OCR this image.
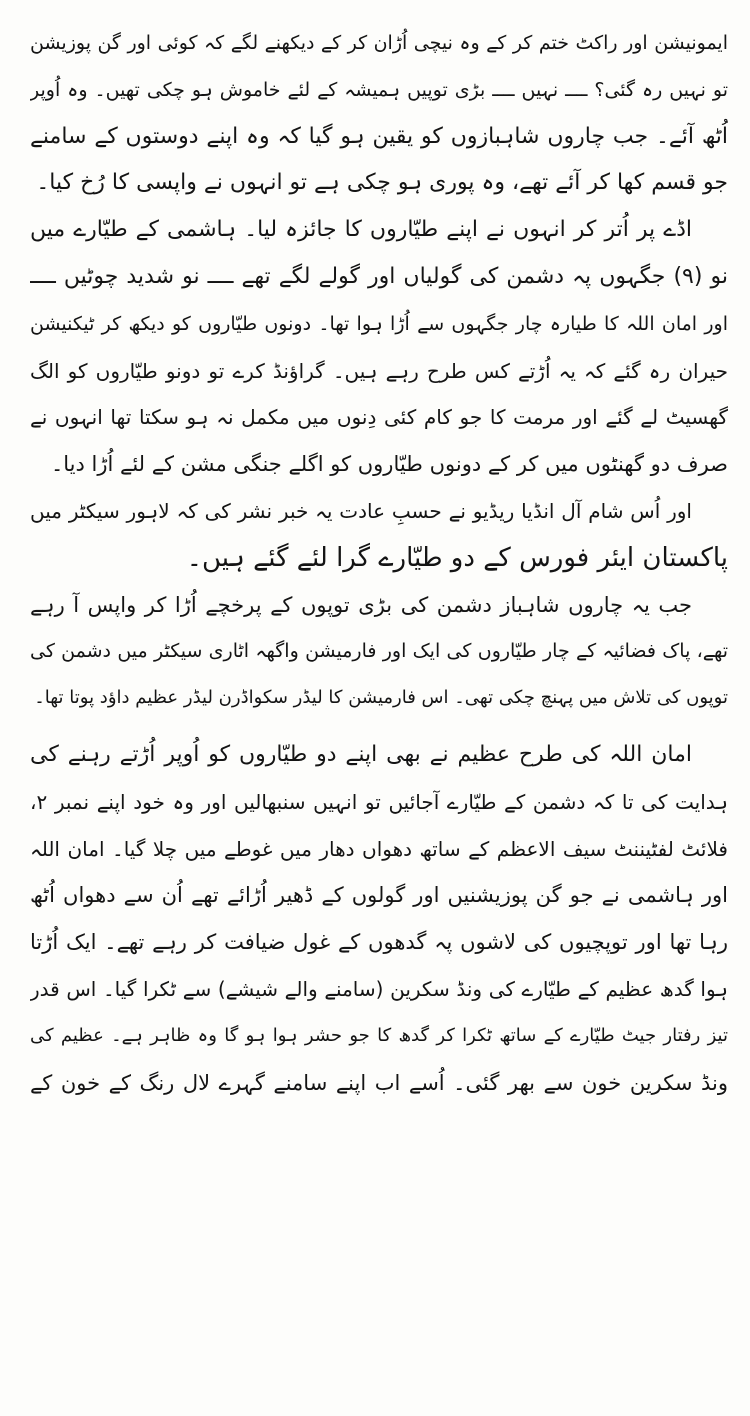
ایمونیشن اور راکٹ ختم کر کے وہ نیچی اُڑان کر کے دیکھنے لگے کہ کوئی اور گن پوزیشن
تو نہیں رہ گئی؟ ــــ نہیں ــــ بڑی توپیں ہمیشہ کے لئے خاموش ہو چکی تھیں۔ وہ اُوپر
اُٹھ آئے۔ جب چاروں شاہبازوں کو یقین ہو گیا کہ وہ اپنے دوستوں کے سامنے
جو قسم کھا کر آئے تھے، وہ پوری ہو چکی ہے تو انہوں نے واپسی کا رُخ کیا۔
اڈے پر اُتر کر انہوں نے اپنے طیّاروں کا جائزہ لیا۔ ہاشمی کے طیّارے میں
نو (۹) جگہوں پہ دشمن کی گولیاں اور گولے لگے تھے ــــ نو شدید چوٹیں ــــ
اور امان اللہ کا طیارہ چار جگہوں سے اُڑا ہوا تھا۔ دونوں طیّاروں کو دیکھ کر ٹیکنیشن
حیران رہ گئے کہ یہ اُڑتے کس طرح رہے ہیں۔ گراؤنڈ کرے تو دونو طیّاروں کو الگ
گھسیٹ لے گئے اور مرمت کا جو کام کئی دِنوں میں مکمل نہ ہو سکتا تھا انہوں نے
صرف دو گھنٹوں میں کر کے دونوں طیّاروں کو اگلے جنگی مشن کے لئے اُڑا دیا۔
اور اُس شام آل انڈیا ریڈیو نے حسبِ عادت یہ خبر نشر کی کہ لاہور سیکٹر میں
پاکستان ایئر فورس کے دو طیّارے گرا لئے گئے ہیں۔
جب یہ چاروں شاہباز دشمن کی بڑی توپوں کے پرخچے اُڑا کر واپس آ رہے
تھے، پاک فضائیہ کے چار طیّاروں کی ایک اور فارمیشن واگھہ اٹاری سیکٹر میں دشمن کی
توپوں کی تلاش میں پہنچ چکی تھی۔ اس فارمیشن کا لیڈر سکواڈرن لیڈر عظیم داؤد پوتا تھا۔
امان اللہ کی طرح عظیم نے بھی اپنے دو طیّاروں کو اُوپر اُڑتے رہنے کی
ہدایت کی تا کہ دشمن کے طیّارے آجائیں تو انہیں سنبھالیں اور وہ خود اپنے نمبر ۲،
فلائٹ لفٹیننٹ سیف الاعظم کے ساتھ دھواں دھار میں غوطے میں چلا گیا۔ امان اللہ
اور ہاشمی نے جو گن پوزیشنیں اور گولوں کے ڈھیر اُڑائے تھے اُن سے دھواں اُٹھ
رہا تھا اور توپچیوں کی لاشوں پہ گدھوں کے غول ضیافت کر رہے تھے۔ ایک اُڑتا
ہوا گدھ عظیم کے طیّارے کی ونڈ سکرین (سامنے والے شیشے) سے ٹکرا گیا۔ اس قدر
تیز رفتار جیٹ طیّارے کے ساتھ ٹکرا کر گدھ کا جو حشر ہوا ہو گا وہ ظاہر ہے۔ عظیم کی
ونڈ سکرین خون سے بھر گئی۔ اُسے اب اپنے سامنے گہرے لال رنگ کے خون کے
